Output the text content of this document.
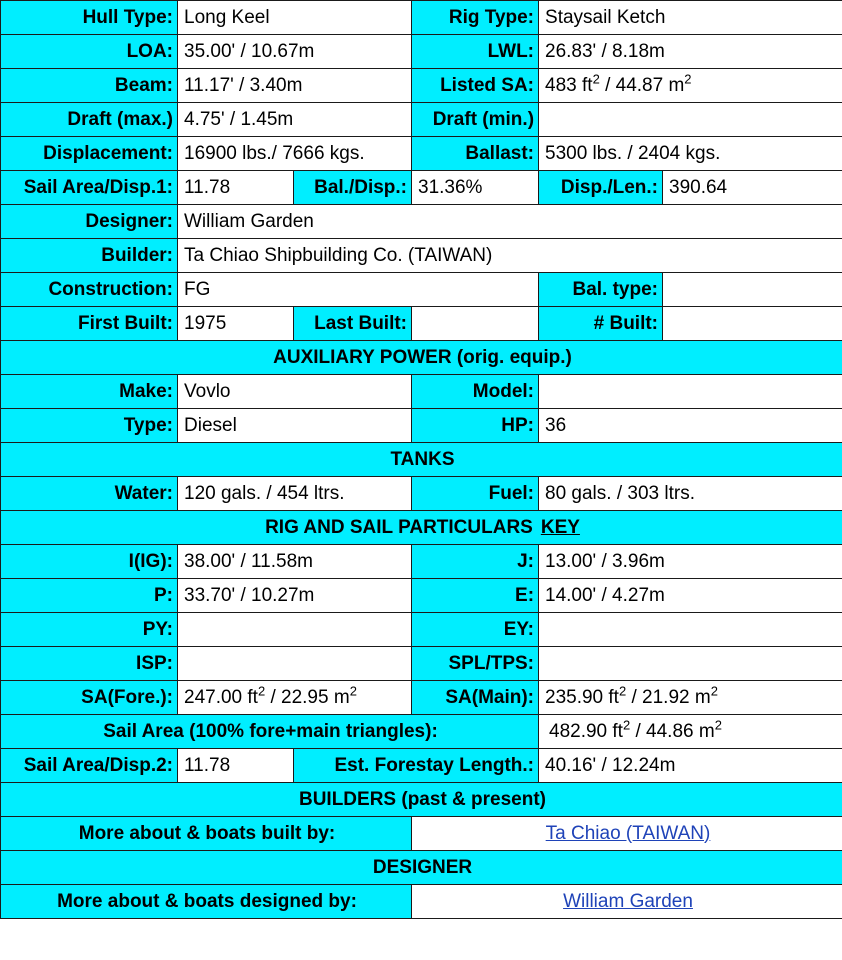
Hull Type:	Long Keel		Rig Type:	Staysail Ketch	
LOA:	35.00' / 10.67m		LWL:	26.83' / 8.18m	
Beam:	11.17' / 3.40m		Listed SA:	483 $ft^2 / 44.87$ $m^2$
Draft (max.)	4.75' / 1.45m		Draft (min.)		
Displacement:	16900 lbs./ 7666 kgs.		Ballast:	5300 lbs. / 2404 kgs.	
Sail Area/Disp.1:	11.78	Bal./Disp.:	31.36%	Disp./Len.:	390.64
Designer:	William Garden				
Builder:	Ta Chiao Shipbuilding Co. (TAIWAN)				
Construction:	FG			Bal. type:	
First Built:	1975	Last Built:		# Built:	
AUXILIARY POWER (orig. equip.)					
Make:	Vovlo		Model:		
Type:	Diesel		HP:	36	
TANKS					
Water:	120 gals. / 454 ltrs.		Fuel:	80 gals. / 303 ltrs.	
RIG AND SAIL PARTICULARS KEY					
I(IG):	38.00' / 11.58m		J:	13.00' / 3.96m	
P:	33.70' / 10.27m		E:	14.00' / 4.27m	
PY:			EY:		
ISP:			SPL/TPS:		
SA(Fore.):	247.00 $ft^2 / 22.95$ $m^2$		SA(Main):	235.90 $ft^2 / 21.92$ $m^2$
Sail Area (100% fore+main triangles):				482.90 $ft^2 / 44.86$ $m^2$
Sail Area/Disp.2:	11.78	Est. Forestay Length.:		40.16' / 12.24m	
BUILDERS (past & present)					
More about & boats built by:			Ta Chiao (TAIWAN)		
DESIGNER					
More about & boats designed by:			William Garden		
